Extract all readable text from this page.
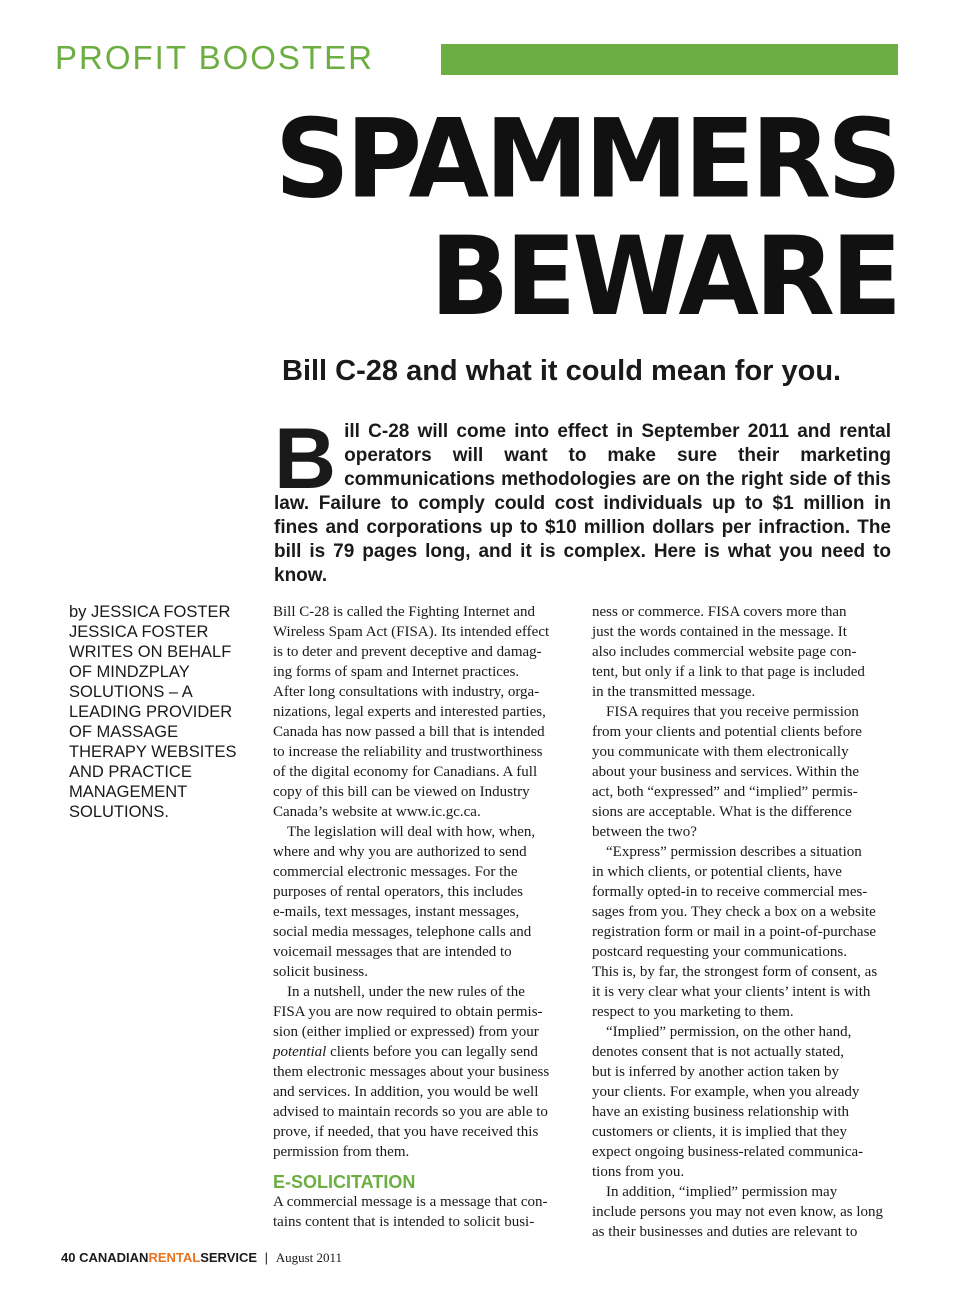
PROFIT BOOSTER
SPAMMERS
BEWARE
Bill C-28 and what it could mean for you.
Bill C-28 will come into effect in September 2011 and rental operators will want to make sure their marketing communications methodologies are on the right side of this law. Failure to comply could cost individuals up to $1 million in fines and corporations up to $10 million dollars per infraction. The bill is 79 pages long, and it is complex. Here is what you need to know.
by JESSICA FOSTER
JESSICA FOSTER
WRITES ON BEHALF
OF MINDZPLAY
SOLUTIONS – A
LEADING PROVIDER
OF MASSAGE
THERAPY WEBSITES
AND PRACTICE
MANAGEMENT
SOLUTIONS.
Bill C-28 is called the Fighting Internet and
Wireless Spam Act (FISA). Its intended effect
is to deter and prevent deceptive and damag-
ing forms of spam and Internet practices.
After long consultations with industry, orga-
nizations, legal experts and interested parties,
Canada has now passed a bill that is intended
to increase the reliability and trustworthiness
of the digital economy for Canadians. A full
copy of this bill can be viewed on Industry
Canada’s website at www.ic.gc.ca.
The legislation will deal with how, when,
where and why you are authorized to send
commercial electronic messages. For the
purposes of rental operators, this includes
e-mails, text messages, instant messages,
social media messages, telephone calls and
voicemail messages that are intended to
solicit business.
In a nutshell, under the new rules of the
FISA you are now required to obtain permis-
sion (either implied or expressed) from your
potential clients before you can legally send
them electronic messages about your business
and services. In addition, you would be well
advised to maintain records so you are able to
prove, if needed, that you have received this
permission from them.
E-SOLICITATION
A commercial message is a message that con-
tains content that is intended to solicit busi-
ness or commerce. FISA covers more than
just the words contained in the message. It
also includes commercial website page con-
tent, but only if a link to that page is included
in the transmitted message.
FISA requires that you receive permission
from your clients and potential clients before
you communicate with them electronically
about your business and services. Within the
act, both “expressed” and “implied” permis-
sions are acceptable. What is the difference
between the two?
“Express” permission describes a situation
in which clients, or potential clients, have
formally opted-in to receive commercial mes-
sages from you. They check a box on a website
registration form or mail in a point-of-purchase
postcard requesting your communications.
This is, by far, the strongest form of consent, as
it is very clear what your clients’ intent is with
respect to you marketing to them.
“Implied” permission, on the other hand,
denotes consent that is not actually stated,
but is inferred by another action taken by
your clients. For example, when you already
have an existing business relationship with
customers or clients, it is implied that they
expect ongoing business-related communica-
tions from you.
In addition, “implied” permission may
include persons you may not even know, as long
as their businesses and duties are relevant to
40 CANADIANRENTALSERVICE | August 2011
